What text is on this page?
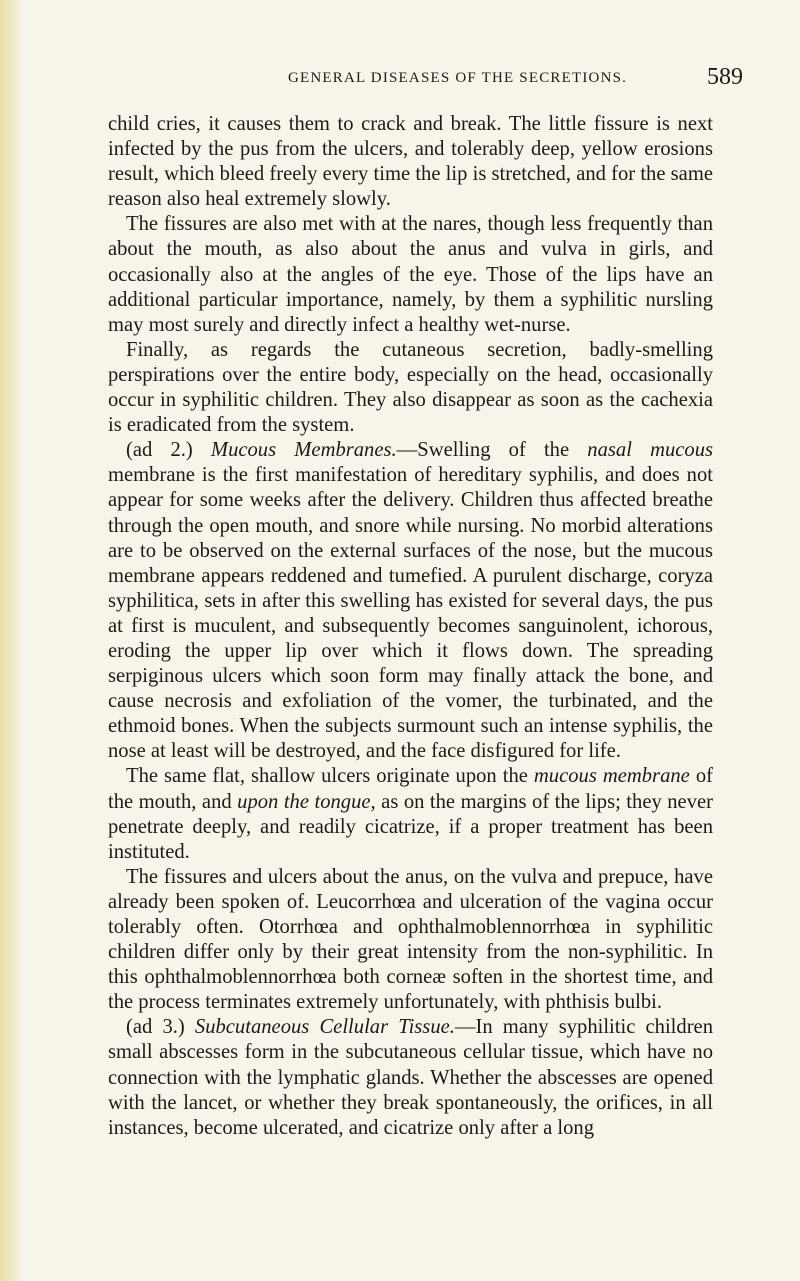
GENERAL DISEASES OF THE SECRETIONS.	589

child cries, it causes them to crack and break. The little fissure is next infected by the pus from the ulcers, and tolerably deep, yellow erosions result, which bleed freely every time the lip is stretched, and for the same reason also heal extremely slowly.

The fissures are also met with at the nares, though less frequently than about the mouth, as also about the anus and vulva in girls, and occasionally also at the angles of the eye. Those of the lips have an additional particular importance, namely, by them a syphilitic nursling may most surely and directly infect a healthy wet-nurse.

Finally, as regards the cutaneous secretion, badly-smelling perspirations over the entire body, especially on the head, occasionally occur in syphilitic children. They also disappear as soon as the cachexia is eradicated from the system.

(ad 2.) Mucous Membranes.—Swelling of the nasal mucous membrane is the first manifestation of hereditary syphilis, and does not appear for some weeks after the delivery. Children thus affected breathe through the open mouth, and snore while nursing. No morbid alterations are to be observed on the external surfaces of the nose, but the mucous membrane appears reddened and tumefied. A purulent discharge, coryza syphilitica, sets in after this swelling has existed for several days, the pus at first is muculent, and subsequently becomes sanguinolent, ichorous, eroding the upper lip over which it flows down. The spreading serpiginous ulcers which soon form may finally attack the bone, and cause necrosis and exfoliation of the vomer, the turbinated, and the ethmoid bones. When the subjects surmount such an intense syphilis, the nose at least will be destroyed, and the face disfigured for life.

The same flat, shallow ulcers originate upon the mucous membrane of the mouth, and upon the tongue, as on the margins of the lips; they never penetrate deeply, and readily cicatrize, if a proper treatment has been instituted.

The fissures and ulcers about the anus, on the vulva and prepuce, have already been spoken of. Leucorrhœa and ulceration of the vagina occur tolerably often. Otorrhœa and ophthalmoblennorrhœa in syphilitic children differ only by their great intensity from the non-syphilitic. In this ophthalmoblennorrhœa both corneæ soften in the shortest time, and the process terminates extremely unfortunately, with phthisis bulbi.

(ad 3.) Subcutaneous Cellular Tissue.—In many syphilitic children small abscesses form in the subcutaneous cellular tissue, which have no connection with the lymphatic glands. Whether the abscesses are opened with the lancet, or whether they break spontaneously, the orifices, in all instances, become ulcerated, and cicatrize only after a long
